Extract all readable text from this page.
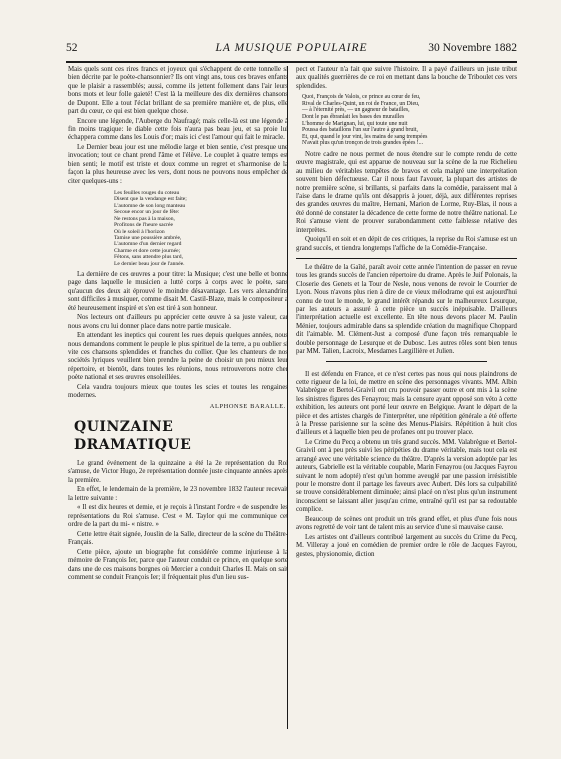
52	LA MUSIQUE POPULAIRE	30 Novembre 1882

Mais quels sont ces rires francs et joyeux qui s'échappent de cette tonnelle si bien décrite par le poète-chansonnier? Ils ont vingt ans, tous ces braves enfants que le plaisir a rassemblés; aussi, comme ils jettent follement dans l'air leurs bons mots et leur folle gaieté! C'est là la meilleure des dix dernières chansons de Dupont. Elle a tout l'éclat brillant de sa première manière et, de plus, elle part du cœur, ce qui est bien quelque chose.

Encore une légende, l'Auberge du Naufragé; mais celle-là est une légende à fin moins tragique: le diable cette fois n'aura pas beau jeu, et sa proie lui échappera comme dans les Louis d'or; mais ici c'est l'amour qui fait le miracle.

Le Dernier beau jour est une mélodie large et bien sentie, c'est presque une invocation; tout ce chant prend l'âme et l'élève. Le couplet à quatre temps est bien senti; le motif est triste et doux comme un regret et s'harmonise de la façon la plus heureuse avec les vers, dont nous ne pouvons nous empêcher de citer quelques-uns :

Les feuilles rouges du coteau
Disent que la vendange est faite;
L'automne de son long manteau
Secoue encor un jour de fête:
Ne restons pas à la maison,
Profitons de l'heure sacrée
Où le soleil à l'horizon
Tamise une poussière ambrée,
L'automne d'un dernier regard
Charme et dore cette journée;
Fêtons, sans attendre plus tard,
Le dernier beau jour de l'année.

La dernière de ces œuvres a pour titre: la Musique; c'est une belle et bonne page dans laquelle le musicien a lutté corps à corps avec le poète, sans qu'aucun des deux ait éprouvé le moindre désavantage. Les vers alexandrins sont difficiles à musiquer, comme disait M. Castil-Blaze, mais le compositeur a été heureusement inspiré et s'en est tiré à son honneur.

Nos lecteurs ont d'ailleurs pu apprécier cette œuvre à sa juste valeur, car nous avons cru lui donner place dans notre partie musicale.

En attendant les ineptics qui courent les rues depuis quelques années, nous nous demandons comment le peuple le plus spirituel de la terre, a pu oublier si vite ces chansons splendides et franches du collier. Que les chanteurs de nos sociétés lyriques veuillent bien prendre la peine de choisir un peu mieux leur répertoire, et bientôt, dans toutes les réunions, nous retrouverons notre cher poète national et ses œuvres ensoleillées.

Cela vaudra toujours mieux que toutes les scies et toutes les rengaines modernes.

ALPHONSE BARALLE.
QUINZAINE DRAMATIQUE

Le grand événement de la quinzaine a été la 2e représentation du Roi s'amuse, de Victor Hugo, 2e représentation donnée juste cinquante années après la première.

En effet, le lendemain de la première, le 23 novembre 1832 l'auteur recevait la lettre suivante :

« Il est dix heures et demie, et je reçois à l'instant l'ordre « de suspendre les représentations du Roi s'amuse. C'est « M. Taylor qui me communique cet ordre de la part du mi- « nistre. »

Cette lettre était signée, Jouslin de la Salle, directeur de la scène du Théâtre-Français.

Cette pièce, ajoute un biographe fut considérée comme injurieuse à la mémoire de François Ier, parce que l'auteur conduit ce prince, en quelque sorte dans une de ces maisons borgnes où Mercier a conduit Charles II. Mais on sait comment se conduit François Ier; il fréquentait plus d'un lieu sus-

pect et l'auteur n'a fait que suivre l'histoire. Il a payé d'ailleurs un juste tribut aux qualités guerrières de ce roi en mettant dans la bouche de Triboulet ces vers splendides.

Quoi, François de Valois, ce prince au cœur de feu,
Rival de Charles-Quint, un roi de France, un Dieu,
— à l'éternité près, — un gagneur de batailles,
Dont le pas ébranlait les bases des murailles
L'homme de Marignan, lui, qui toute une nuit
Poussa des bataillons l'un sur l'autre à grand bruit,
Et, qui, quand le jour vint, les mains de sang trempées
N'avait plus qu'un tronçon de trois grandes épées !...

Notre cadre ne nous permet de nous étendre sur le compte rendu de cette œuvre magistrale, qui est apparue de nouveau sur la scène de la rue Richelieu au milieu de véritables tempêtes de bravos et cela malgré une interprétation souvent bien défectueuse. Car il nous faut l'avouer, la plupart des artistes de notre première scène, si brillants, si parfaits dans la comédie, paraissent mal à l'aise dans le drame qu'ils ont désappris à jouer, déjà, aux différentes reprises des grandes œuvres du maître, Hernani, Marion de Lorme, Ruy-Blas, il nous a été donné de constater la décadence de cette forme de notre théâtre national. Le Roi s'amuse vient de prouver surabondamment cette faiblesse relative des interprètes.

Quoiqu'il en soit et en dépit de ces critiques, la reprise du Roi s'amuse est un grand succès, et tiendra longtemps l'affiche de la Comédie-Française.

Le théâtre de la Gaîté, paraît avoir cette année l'intention de passer en revue tous les grands succès de l'ancien répertoire du drame. Après le Juif Polonais, la Closerie des Genets et la Tour de Nesle, nous venons de revoir le Courrier de Lyon. Nous n'avons plus rien à dire de ce vieux mélodrame qui est aujourd'hui connu de tout le monde, le grand intérêt répandu sur le malheureux Lesurque, par les auteurs a assuré à cette pièce un succès inépuisable. D'ailleurs l'interprétation actuelle est excellente. En tête nous devons placer M. Paulin Ménier, toujours admirable dans sa splendide création du magnifique Choppard dit l'aimable. M. Clément-Just a composé d'une façon très remarquable le double personnage de Lesurque et de Dubosc. Les autres rôles sont bien tenus par MM. Talien, Lacroix, Mesdames Largillière et Julien.

Il est défendu en France, et ce n'est certes pas nous qui nous plaindrons de cette rigueur de la loi, de mettre en scène des personnages vivants. MM. Albin Valabrègue et Bertol-Graivil ont cru pouvoir passer outre et ont mis à la scène les sinistres figures des Fenayrou; mais la censure ayant opposé son véto à cette exhibition, les auteurs ont porté leur œuvre en Belgique. Avant le départ de la pièce et des artistes chargés de l'interpréter, une répétition générale a été offerte à la Presse parisienne sur la scène des Menus-Plaisirs. Répétition à huit clos d'ailleurs et à laquelle bien peu de profanes ont pu trouver place.

Le Crime du Pecq a obtenu un très grand succès. MM. Valabrègue et Bertol-Graivil ont à peu près suivi les péripéties du drame véritable, mais tout cela est arrangé avec une véritable science du théâtre. D'après la version adoptée par les auteurs, Gabrielle est la véritable coupable, Marin Fenayrou (ou Jacques Fayrou suivant le nom adopté) n'est qu'un homme aveuglé par une passion irrésistible pour le monstre dont il partage les faveurs avec Aubert. Dès lors sa culpabilité se trouve considérablement diminuée; ainsi placé on n'est plus qu'un instrument inconscient se laissant aller jusqu'au crime, entraîné qu'il est par sa redoutable complice.

Beaucoup de scènes ont produit un très grand effet, et plus d'une fois nous avons regretté de voir tant de talent mis au service d'une si mauvaise cause.

Les artistes ont d'ailleurs contribué largement au succès du Crime du Pecq, M. Villeray a joué en comédien de premier ordre le rôle de Jacques Fayrou, gestes, physionomie, diction
